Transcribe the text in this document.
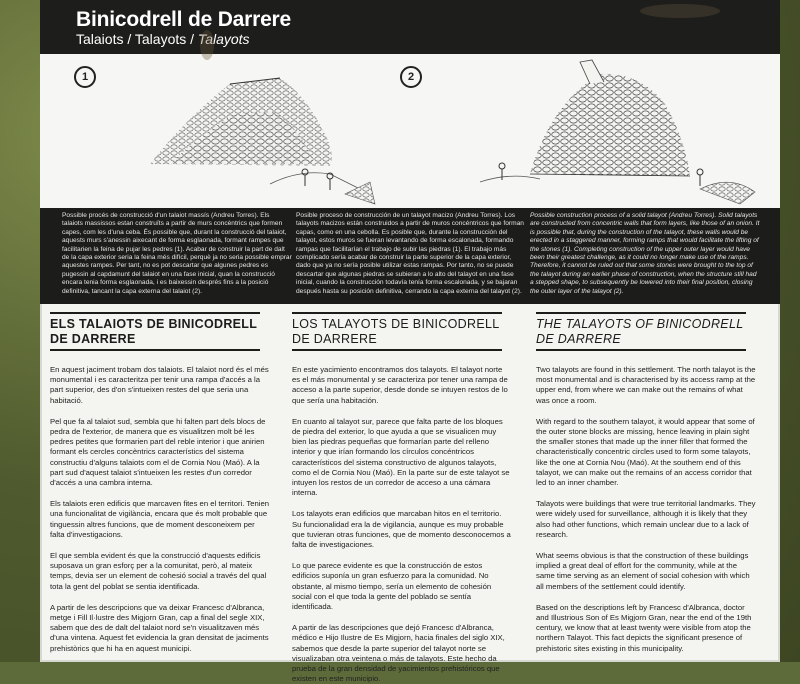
Binicodrell de Darrere
Talaiots / Talayots / Talayots
1	2
Possible procés de construcció d'un talaiot massís (Andreu Torres). Els talaiots massissos estan construïts a partir de murs concèntrics que formen capes, com les d'una ceba. És possible que, durant la construcció del talaiot, aquests murs s'anessin aixecant de forma esglaonada, formant rampes que facilitarien la feina de pujar les pedres (1). Acabar de construir la part de dalt de la capa exterior seria la feina més difícil, perquè ja no seria possible emprar aquestes rampes. Per tant, no es pot descartar que algunes pedres es pugessin al capdamunt del talaiot en una fase inicial, quan la construcció encara tenia forma esglaonada, i es baixessin després fins a la posició definitiva, tancant la capa externa del talaiot (2).
Posible proceso de construcción de un talayot macizo (Andreu Torres). Los talayots macizos están construidos a partir de muros concéntricos que forman capas, como en una cebolla. Es posible que, durante la construcción del talayot, estos muros se fueran levantando de forma escalonada, formando rampas que facilitarían el trabajo de subir las piedras (1). El trabajo más complicado sería acabar de construir la parte superior de la capa exterior, dado que ya no sería posible utilizar estas rampas. Por tanto, no se puede descartar que algunas piedras se subieran a lo alto del talayot en una fase inicial, cuando la construcción todavía tenía forma escalonada, y se bajaran después hasta su posición definitiva, cerrando la capa externa del talayot (2).
Possible construction process of a solid talayot (Andreu Torres). Solid talayots are constructed from concentric walls that form layers, like those of an onion. It is possible that, during the construction of the talayot, these walls would be erected in a staggered manner, forming ramps that would facilitate the lifting of the stones (1). Completing construction of the upper outer layer would have been their greatest challenge, as it could no longer make use of the ramps. Therefore, it cannot be ruled out that some stones were brought to the top of the talayot during an earlier phase of construction, when the structure still had a stepped shape, to subsequently be lowered into their final position, closing the outer layer of the talayot (2).
ELS TALAIOTS DE BINICODRELL DE DARRERE

En aquest jaciment trobam dos talaiots. El talaiot nord és el més monumental i es caracteritza per tenir una rampa d'accés a la part superior, des d'on s'intueixen restes del que seria una habitació.

Pel que fa al talaiot sud, sembla que hi falten part dels blocs de pedra de l'exterior, de manera que es visualitzen molt bé les pedres petites que formarien part del reble interior i que anirien formant els cercles concèntrics característics del sistema constructiu d'alguns talaiots com el de Cornia Nou (Maó). A la part sud d'aquest talaiot s'intueixen les restes d'un corredor d'accés a una cambra interna.

Els talaiots eren edificis que marcaven fites en el territori. Tenien una funcionalitat de vigilància, encara que és molt probable que tinguessin altres funcions, que de moment desconeixem per falta d'investigacions.

El que sembla evident és que la construcció d'aquests edificis suposava un gran esforç per a la comunitat, però, al mateix temps, devia ser un element de cohesió social a través del qual tota la gent del poblat se sentia identificada.

A partir de les descripcions que va deixar Francesc d'Albranca, metge i Fill Il·lustre des Migjorn Gran, cap a final del segle XIX, sabem que des de dalt del talaiot nord se'n visualitzaven més d'una vintena. Aquest fet evidencia la gran densitat de jaciments prehistòrics que hi ha en aquest municipi.

LOS TALAYOTS DE BINICODRELL DE DARRERE

En este yacimiento encontramos dos talayots. El talayot norte es el más monumental y se caracteriza por tener una rampa de acceso a la parte superior, desde donde se intuyen restos de lo que sería una habitación.

En cuanto al talayot sur, parece que falta parte de los bloques de piedra del exterior, lo que ayuda a que se visualicen muy bien las piedras pequeñas que formarían parte del relleno interior y que irían formando los círculos concéntricos característicos del sistema constructivo de algunos talayots, como el de Cornia Nou (Maó). En la parte sur de este talayot se intuyen los restos de un corredor de acceso a una cámara interna.

Los talayots eran edificios que marcaban hitos en el territorio. Su funcionalidad era la de vigilancia, aunque es muy probable que tuvieran otras funciones, que de momento desconocemos a falta de investigaciones.

Lo que parece evidente es que la construcción de estos edificios suponía un gran esfuerzo para la comunidad. No obstante, al mismo tiempo, sería un elemento de cohesión social con el que toda la gente del poblado se sentía identificada.

A partir de las descripciones que dejó Francesc d'Albranca, médico e Hijo Ilustre de Es Migjorn, hacia finales del siglo XIX, sabemos que desde la parte superior del talayot norte se visualizaban otra veintena o más de talayots. Este hecho da prueba de la gran densidad de yacimientos prehistóricos que existen en este municipio.

THE TALAYOTS OF BINICODRELL DE DARRERE

Two talayots are found in this settlement. The north talayot is the most monumental and is characterised by its access ramp at the upper end, from where we can make out the remains of what was once a room.

With regard to the southern talayot, it would appear that some of the outer stone blocks are missing, hence leaving in plain sight the smaller stones that made up the inner filler that formed the characteristically concentric circles used to form some talayots, like the one at Cornia Nou (Maó). At the southern end of this talayot, we can make out the remains of an access corridor that led to an inner chamber.

Talayots were buildings that were true territorial landmarks. They were widely used for surveillance, although it is likely that they also had other functions, which remain unclear due to a lack of research.

What seems obvious is that the construction of these buildings implied a great deal of effort for the community, while at the same time serving as an element of social cohesion with which all members of the settlement could identify.

Based on the descriptions left by Francesc d'Albranca, doctor and Illustrious Son of Es Migjorn Gran, near the end of the 19th century, we know that at least twenty were visible from atop the northern Talayot. This fact depicts the significant presence of prehistoric sites existing in this municipality.
